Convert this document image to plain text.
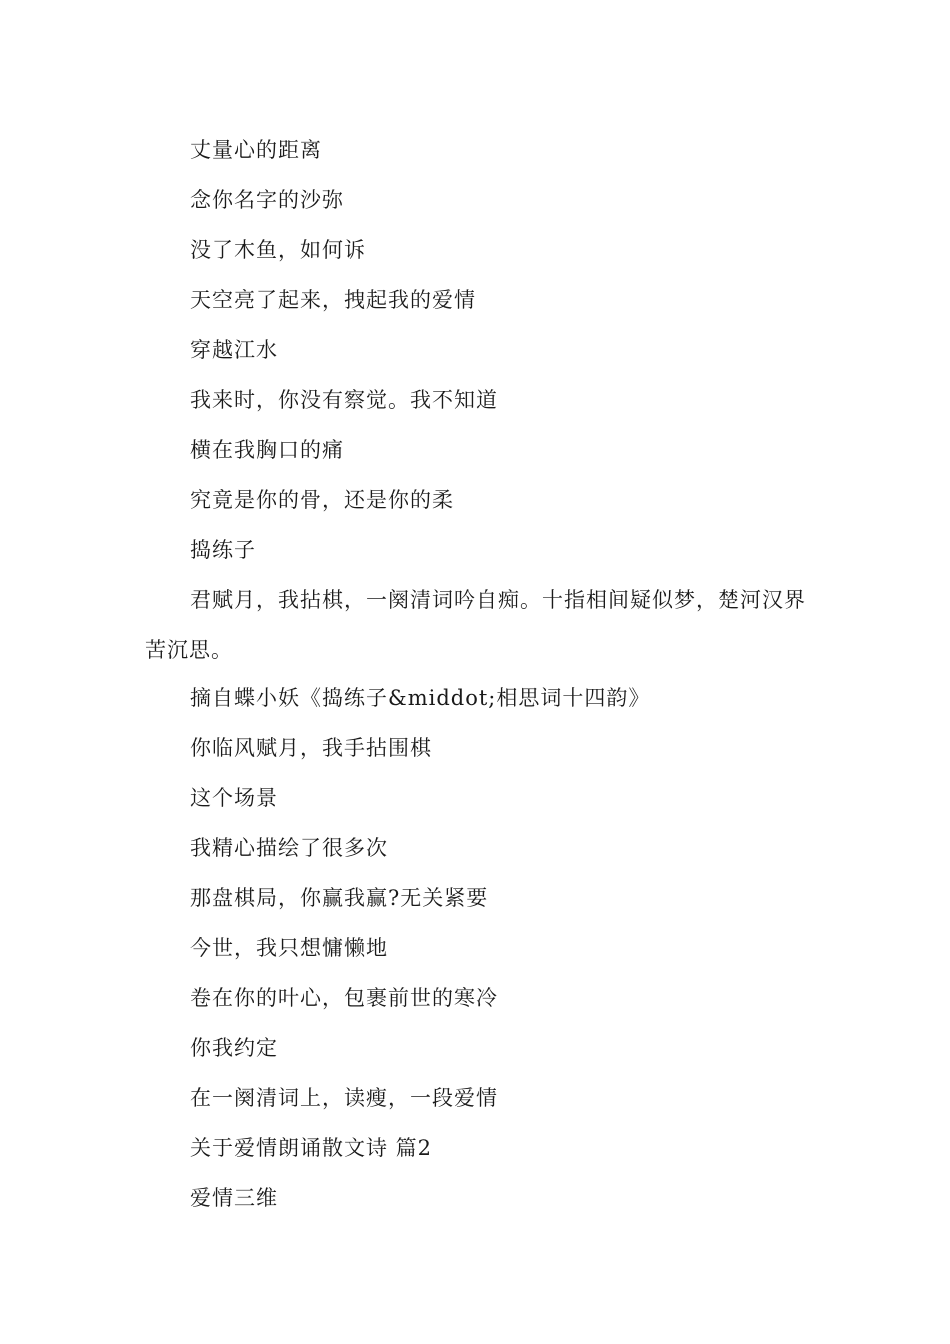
丈量心的距离
念你名字的沙弥
没了木鱼，如何诉
天空亮了起来，拽起我的爱情
穿越江水
我来时，你没有察觉。我不知道
横在我胸口的痛
究竟是你的骨，还是你的柔
捣练子
君赋月，我拈棋，一阕清词吟自痴。十指相间疑似梦，楚河汉界苦沉思。
摘自蝶小妖《捣练子&middot;相思词十四韵》
你临风赋月，我手拈围棋
这个场景
我精心描绘了很多次
那盘棋局，你赢我赢?无关紧要
今世，我只想慵懒地
卷在你的叶心，包裹前世的寒冷
你我约定
在一阕清词上，读瘦，一段爱情
关于爱情朗诵散文诗 篇2
爱情三维
